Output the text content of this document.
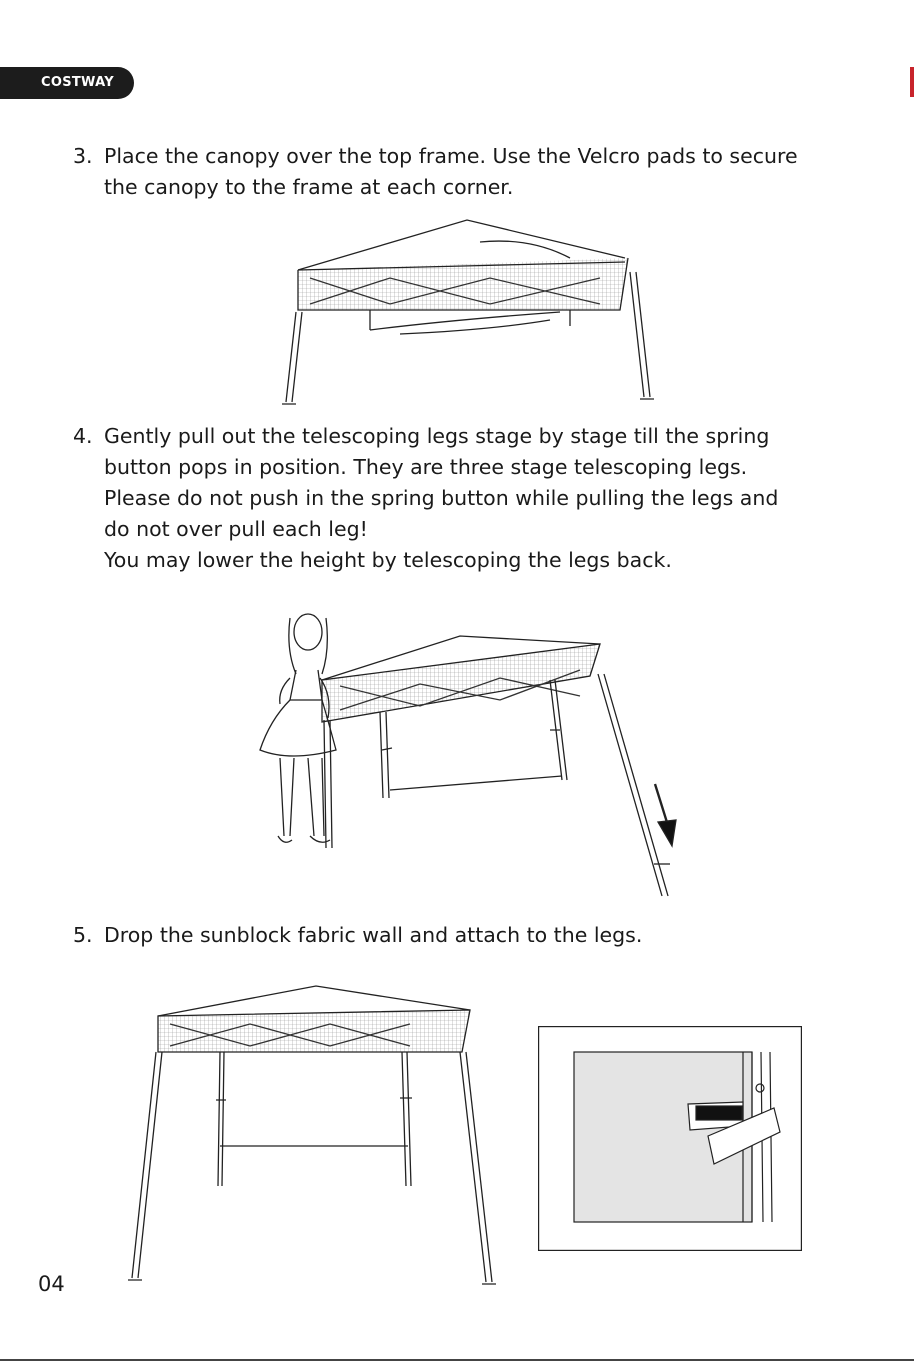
COSTWAY
3. Place the canopy over the top frame. Use the Velcro pads to secure
the canopy to the frame at each corner.
4. Gently pull out the telescoping legs stage by stage till the spring
button pops in position. They are three stage telescoping legs.
Please do not push in the spring button while pulling the legs and
do not over pull each leg!
You may lower the height by telescoping the legs back.
5. Drop the sunblock fabric wall and attach to the legs.
04
